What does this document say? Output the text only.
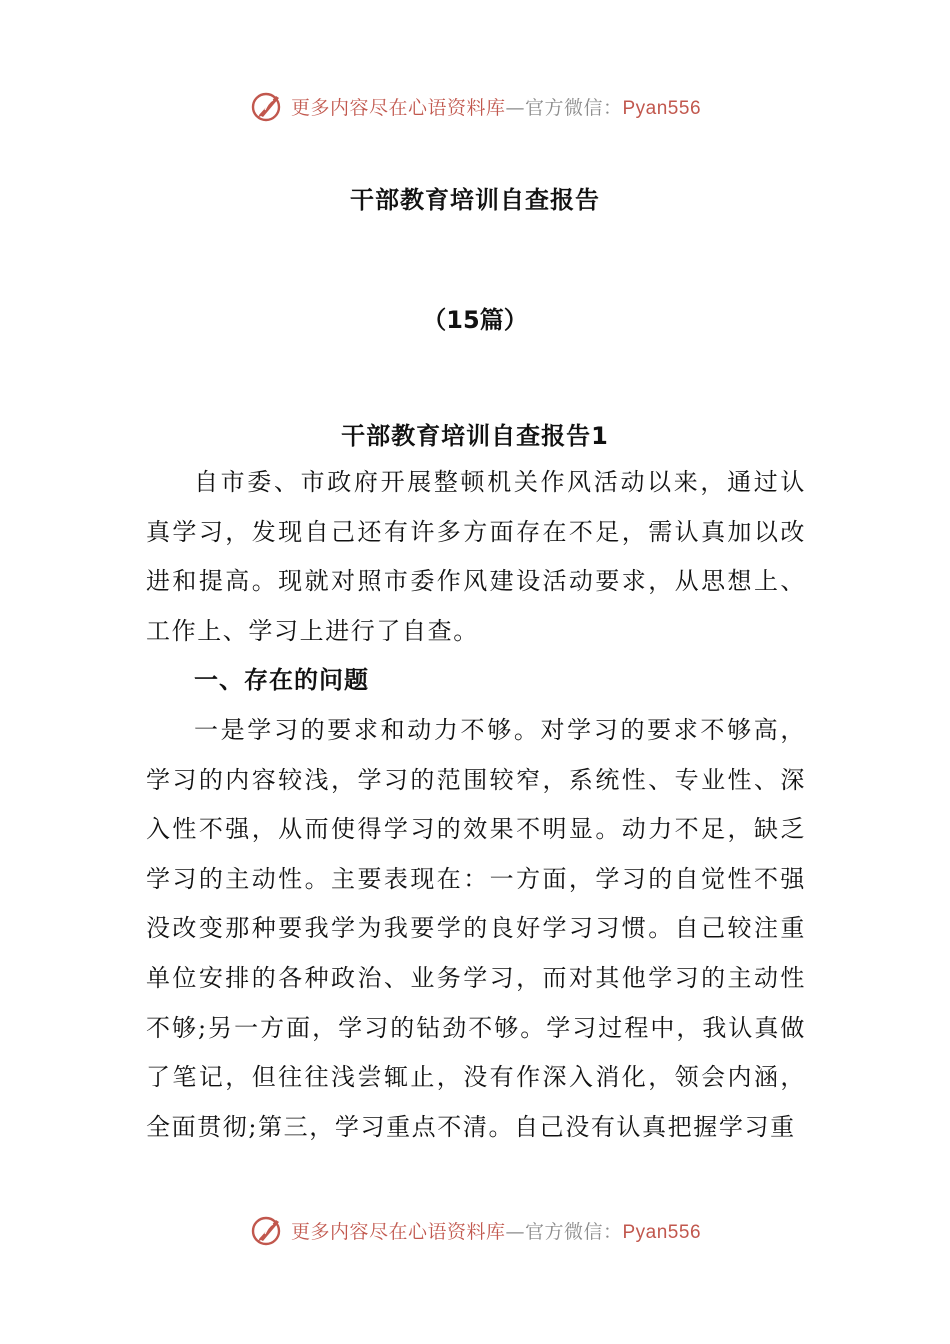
更多内容尽在心语资料库—官方微信：Pyan556
干部教育培训自查报告
（15篇）
干部教育培训自查报告1

自市委、市政府开展整顿机关作风活动以来，通过认真学习，发现自己还有许多方面存在不足，需认真加以改进和提高。现就对照市委作风建设活动要求，从思想上、工作上、学习上进行了自查。

一、存在的问题

一是学习的要求和动力不够。对学习的要求不够高，学习的内容较浅，学习的范围较窄，系统性、专业性、深入性不强，从而使得学习的效果不明显。动力不足，缺乏学习的主动性。主要表现在：一方面，学习的自觉性不强没改变那种要我学为我要学的良好学习习惯。自己较注重单位安排的各种政治、业务学习，而对其他学习的主动性不够;另一方面，学习的钻劲不够。学习过程中，我认真做了笔记，但往往浅尝辄止，没有作深入消化，领会内涵，全面贯彻;第三，学习重点不清。自己没有认真把握学习重

更多内容尽在心语资料库—官方微信：Pyan556
